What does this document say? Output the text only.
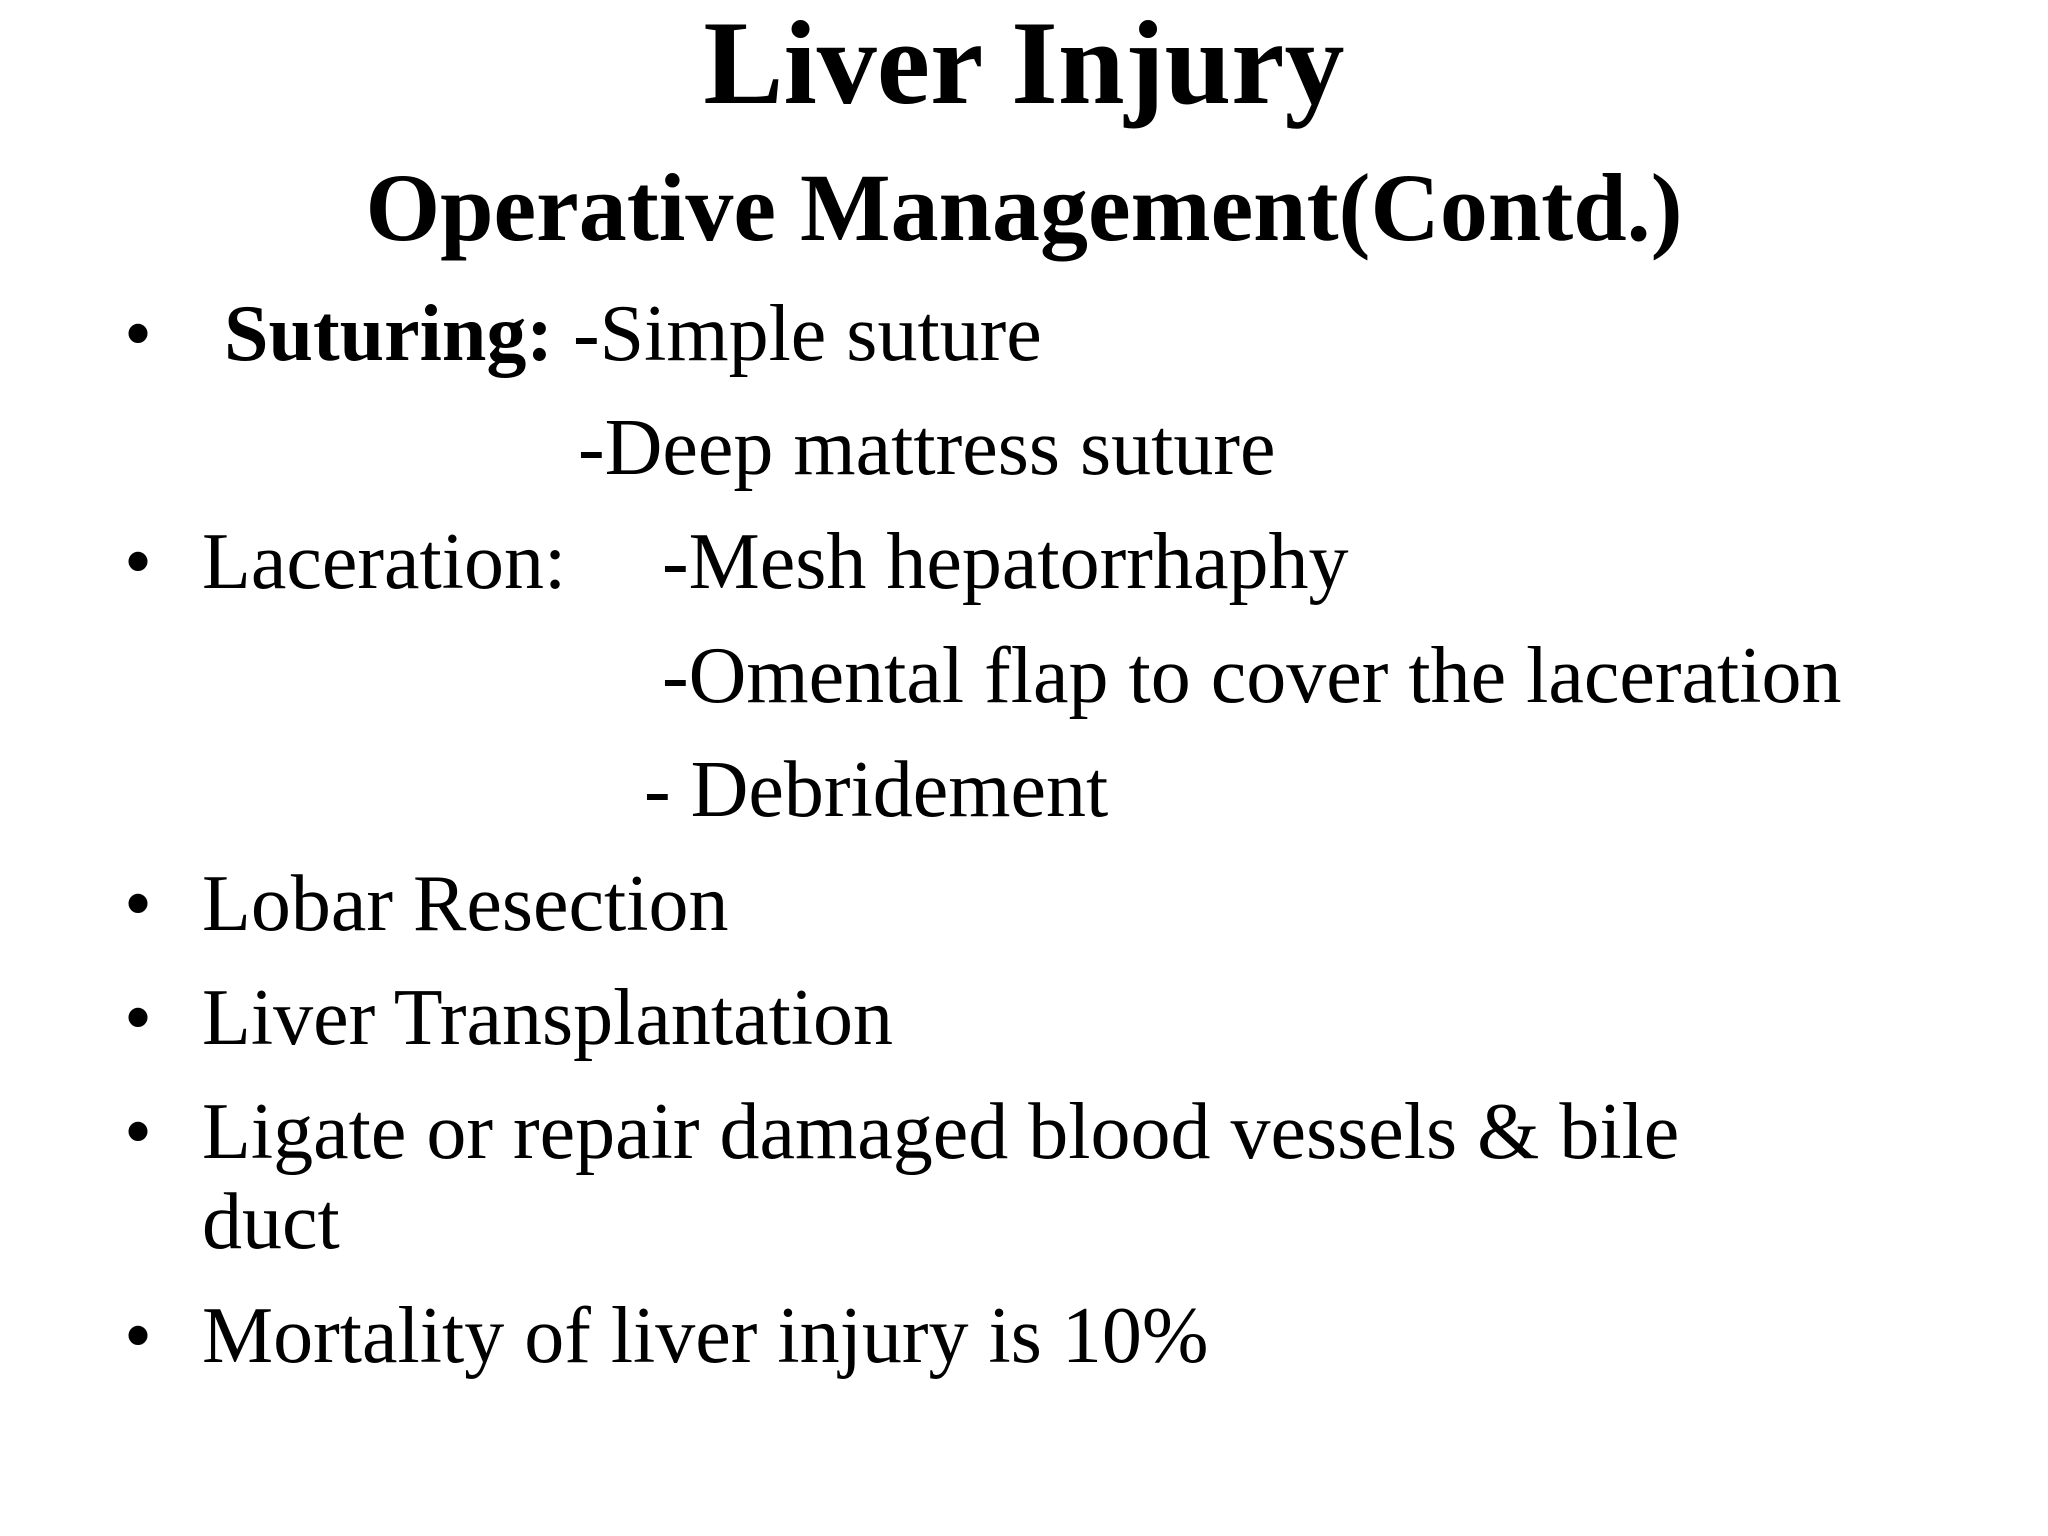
Liver Injury
Operative Management(Contd.)
• Suturing: -Simple suture
-Deep mattress suture
• Laceration: -Mesh hepatorrhaphy
-Omental flap to cover the laceration
- Debridement
• Lobar Resection
• Liver Transplantation
• Ligate or repair damaged blood vessels & bile
duct
• Mortality of liver injury is 10%
